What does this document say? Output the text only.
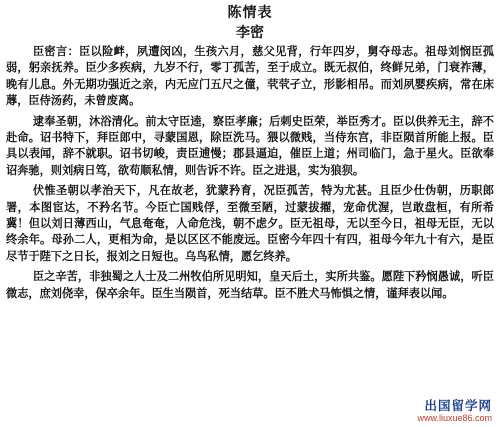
陈情表
李密

臣密言：臣以险衅，夙遭闵凶，生孩六月，慈父见背，行年四岁，舅夺母志。祖母刘悯臣孤弱，躬亲抚养。臣少多疾病，九岁不行，零丁孤苦，至于成立。既无叔伯，终鲜兄弟，门衰祚薄，晚有儿息。外无期功强近之亲，内无应门五尺之僮，茕茕孑立，形影相吊。而刘夙婴疾病，常在床蓐，臣侍汤药，未曾废离。

逮奉圣朝，沐浴清化。前太守臣逵，察臣孝廉；后刺史臣荣，举臣秀才。臣以供养无主，辞不赴命。诏书特下，拜臣郎中，寻蒙国恩，除臣洗马。猥以微贱，当侍东宫，非臣陨首所能上报。臣具以表闻，辞不就职。诏书切峻，责臣逋慢；郡县逼迫，催臣上道；州司临门，急于星火。臣欲奉诏奔驰，则刘病日笃，欲苟顺私情，则告诉不许。臣之进退，实为狼狈。

伏惟圣朝以孝治天下，凡在故老，犹蒙矜育，况臣孤苦，特为尤甚。且臣少仕伪朝，历职郎署，本图宦达，不矜名节。今臣亡国贱俘，至微至陋，过蒙拔擢，宠命优渥，岂敢盘桓，有所希冀！但以刘日薄西山，气息奄奄，人命危浅，朝不虑夕。臣无祖母，无以至今日，祖母无臣，无以终余年。母孙二人，更相为命，是以区区不能废远。臣密今年四十有四，祖母今年九十有六，是臣尽节于陛下之日长，报刘之日短也。乌鸟私情，愿乞终养。

臣之辛苦，非独蜀之人士及二州牧伯所见明知，皇天后土，实所共鉴。愿陛下矜悯愚诚，听臣微志，庶刘侥幸，保卒余年。臣生当陨首，死当结草。臣不胜犬马怖惧之情，谨拜表以闻。

出国留学网
www.liuxue86.com
